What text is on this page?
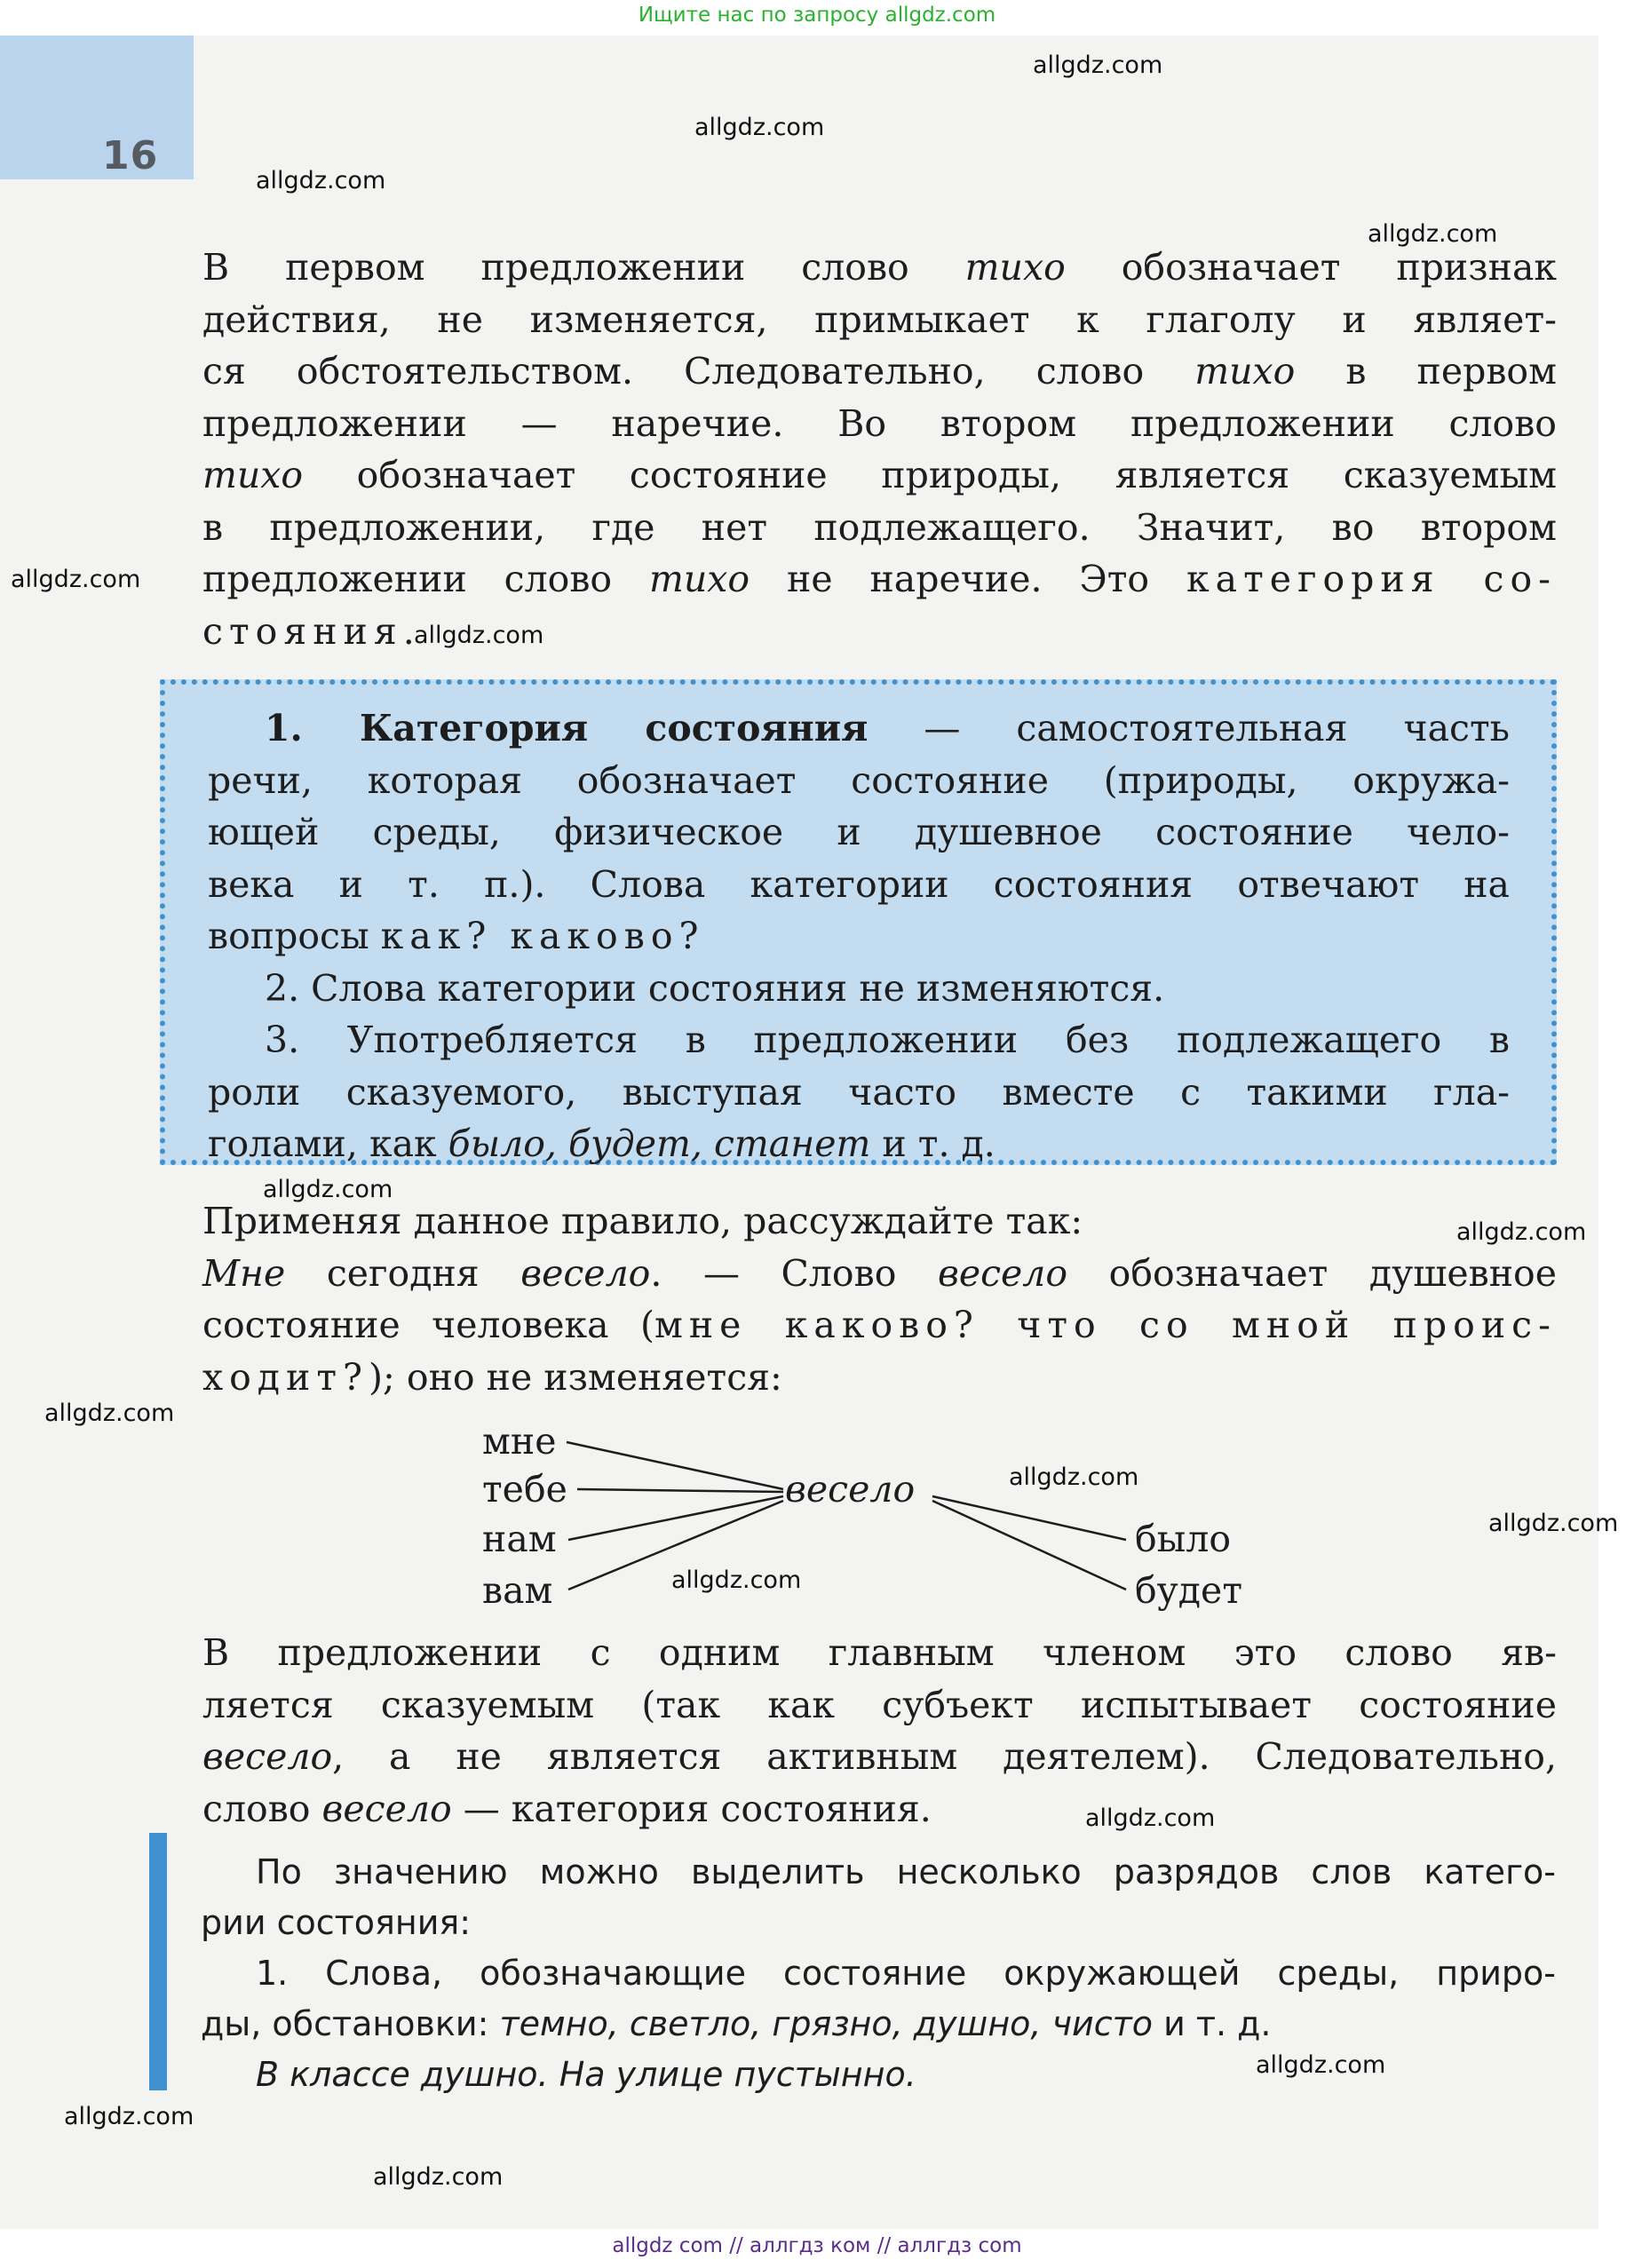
16
Ищите нас по запросу allgdz.com
allgdz.com
allgdz.com
allgdz.com
allgdz.com
allgdz.com
allgdz.com
allgdz.com
allgdz.com
allgdz.com
allgdz.com
allgdz.com
allgdz.com
allgdz.com
allgdz.com
allgdz.com
allgdz.com

В первом предложении слово тихо обозначает признак

действия, не изменяется, примыкает к глаголу и являет-

ся обстоятельством. Следовательно, слово тихо в первом

предложении — наречие. Во втором предложении слово

тихо обозначает состояние природы, является сказуемым

в предложении, где нет подлежащего. Значит, во втором

предложении слово тихо не наречие. Это категория со-

стояния.

1. Категория состояния — самостоятельная часть

речи, которая обозначает состояние (природы, окружа-

ющей среды, физическое и душевное состояние чело-

века и т. п.). Слова категории состояния отвечают на

вопросы как? каково?

2. Слова категории состояния не изменяются.

3. Употребляется в предложении без подлежащего в

роли сказуемого, выступая часто вместе с такими гла-

голами, как было, будет, станет и т. д.

Применяя данное правило, рассуждайте так:

Мне сегодня весело. — Слово весело обозначает душевное

состояние человека (мне каково? что со мной проис-

ходит?); оно не изменяется:

мне
тебе
нам
вам
весело
было
будет

В предложении с одним главным членом это слово яв-

ляется сказуемым (так как субъект испытывает состояние

весело, а не является активным деятелем). Следовательно,

слово весело — категория состояния.

По значению можно выделить несколько разрядов слов катего-

рии состояния:

1. Слова, обозначающие состояние окружающей среды, приро-

ды, обстановки: темно, светло, грязно, душно, чисто и т. д.

В классе душно. На улице пустынно.

allgdz com // аллгдз ком // аллгдз com
